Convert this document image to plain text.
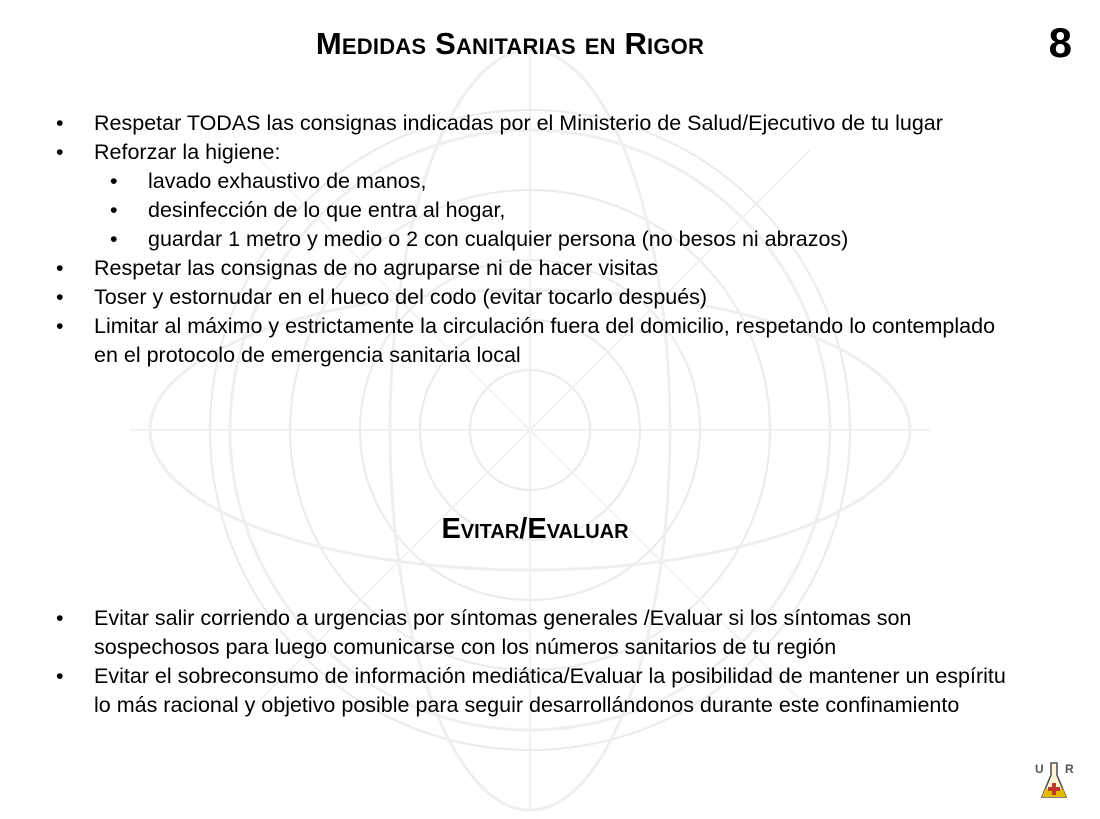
Medidas Sanitarias en Rigor	8
• Respetar TODAS las consignas indicadas por el Ministerio de Salud/Ejecutivo de tu lugar
• Reforzar la higiene:
• lavado exhaustivo de manos,
• desinfección de lo que entra al hogar,
• guardar 1 metro y medio o 2 con cualquier persona (no besos ni abrazos)
• Respetar las consignas de no agruparse ni de hacer visitas
• Toser y estornudar en el hueco del codo (evitar tocarlo después)
• Limitar al máximo y estrictamente la circulación fuera del domicilio, respetando lo contemplado en el protocolo de emergencia sanitaria local
Evitar/Evaluar
• Evitar salir corriendo a urgencias por síntomas generales /Evaluar si los síntomas son sospechosos para luego comunicarse con los números sanitarios de tu región
• Evitar el sobreconsumo de información mediática/Evaluar la posibilidad de mantener un espíritu lo más racional y objetivo posible para seguir desarrollándonos durante este confinamiento
U R
